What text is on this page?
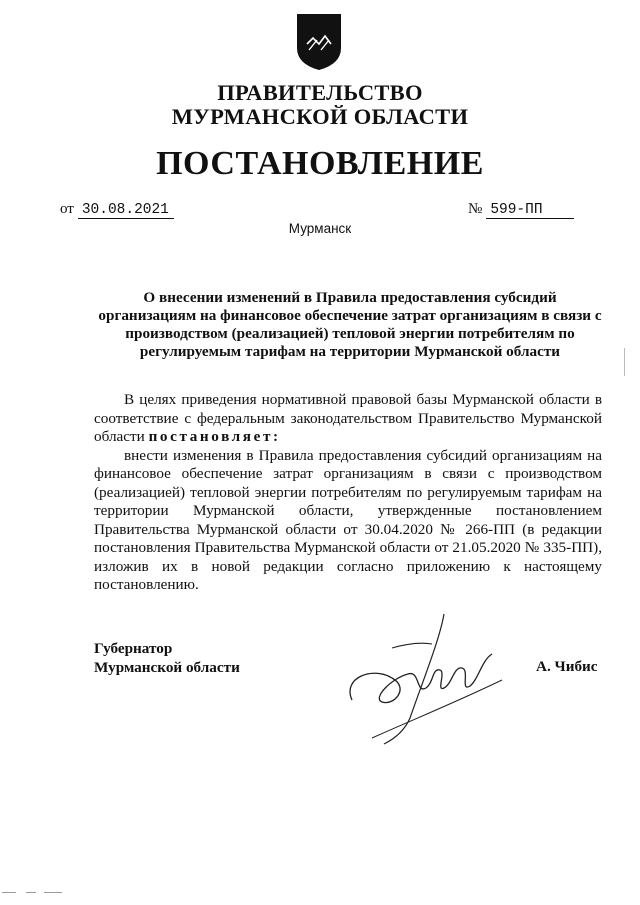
ПРАВИТЕЛЬСТВО
МУРМАНСКОЙ ОБЛАСТИ
ПОСТАНОВЛЕНИЕ
от 30.08.2021	№ 599-ПП
Мурманск
О внесении изменений в Правила предоставления субсидий организациям на финансовое обеспечение затрат организациям в связи с производством (реализацией) тепловой энергии потребителям по регулируемым тарифам на территории Мурманской области

В целях приведения нормативной правовой базы Мурманской области в соответствие с федеральным законодательством Правительство Мурманской области постановляет:

внести изменения в Правила предоставления субсидий организациям на финансовое обеспечение затрат организациям в связи с производством (реализацией) тепловой энергии потребителям по регулируемым тарифам на территории Мурманской области, утвержденные постановлением Правительства Мурманской области от 30.04.2020 № 266-ПП (в редакции постановления Правительства Мурманской области от 21.05.2020 № 335-ПП), изложив их в новой редакции согласно приложению к настоящему постановлению.

Губернатор
Мурманской области	А. Чибис
